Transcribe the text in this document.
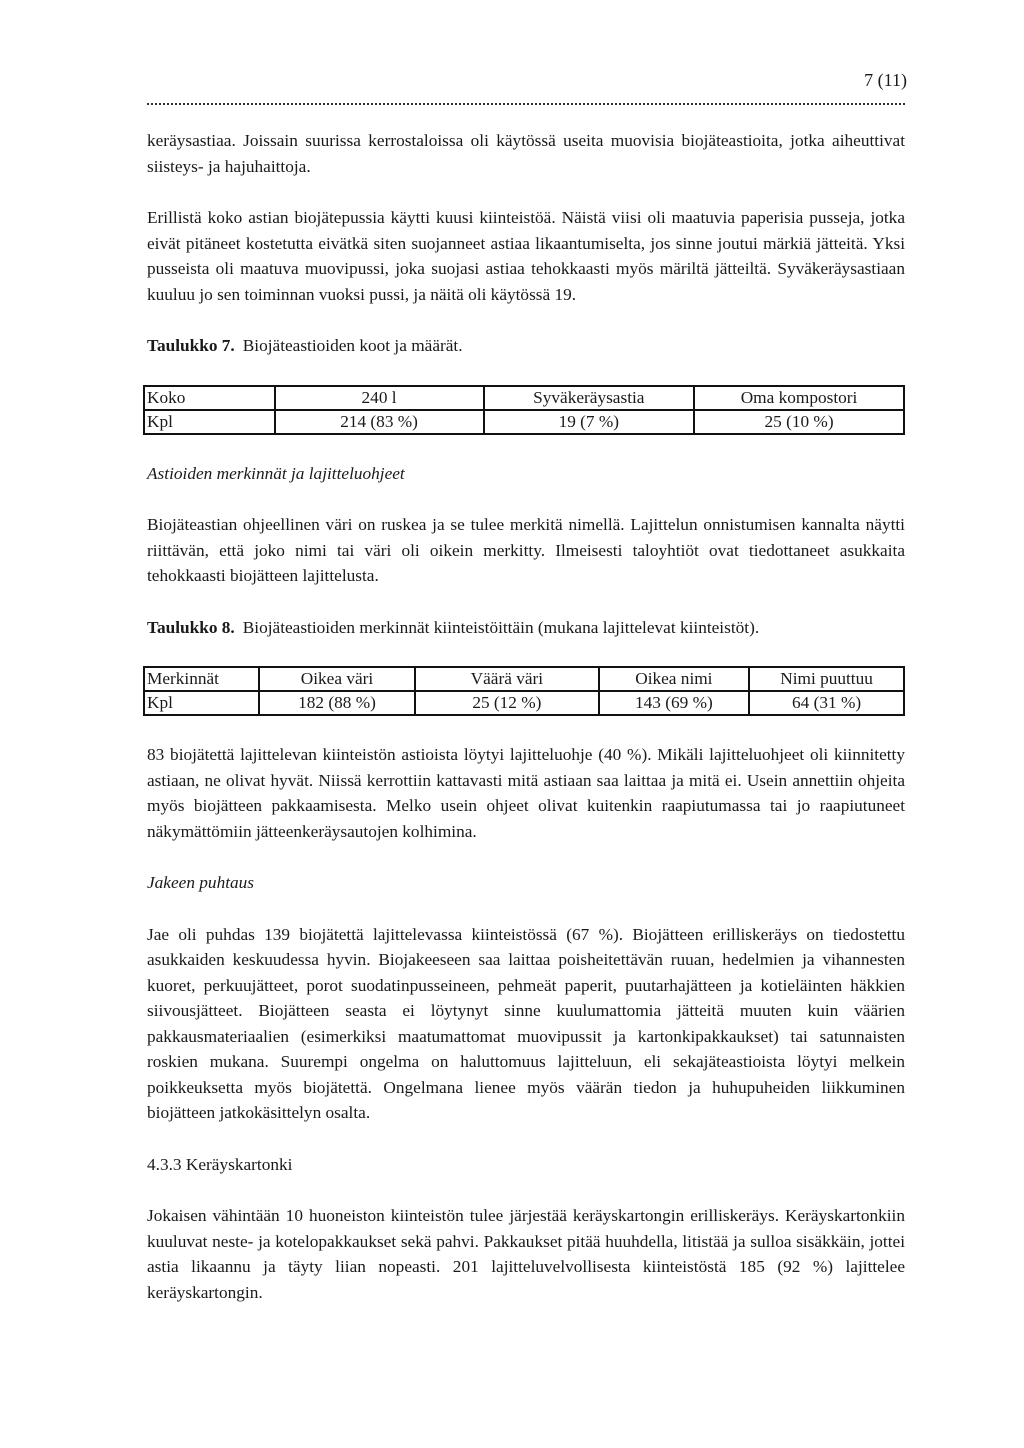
7 (11)

keräysastiaa. Joissain suurissa kerrostaloissa oli käytössä useita muovisia biojäteastioita, jotka aiheuttivat siisteys- ja hajuhaittoja.

Erillistä koko astian biojätepussia käytti kuusi kiinteistöä. Näistä viisi oli maatuvia paperisia pusseja, jotka eivät pitäneet kostetutta eivätkä siten suojanneet astiaa likaantumiselta, jos sinne joutui märkiä jätteitä. Yksi pusseista oli maatuva muovipussi, joka suojasi astiaa tehokkaasti myös märiltä jätteiltä. Syväkeräysastiaan kuuluu jo sen toiminnan vuoksi pussi, ja näitä oli käytössä 19.

Taulukko 7. Biojäteastioiden koot ja määrät.

Koko	240 l	Syväkeräysastia	Oma kompostori
Kpl	214 (83 %)	19 (7 %)	25 (10 %)

Astioiden merkinnät ja lajitteluohjeet

Biojäteastian ohjeellinen väri on ruskea ja se tulee merkitä nimellä. Lajittelun onnistumisen kannalta näytti riittävän, että joko nimi tai väri oli oikein merkitty. Ilmeisesti taloyhtiöt ovat tiedottaneet asukkaita tehokkaasti biojätteen lajittelusta.

Taulukko 8. Biojäteastioiden merkinnät kiinteistöittäin (mukana lajittelevat kiinteistöt).

Merkinnät	Oikea väri	Väärä väri	Oikea nimi	Nimi puuttuu
Kpl	182 (88 %)	25 (12 %)	143 (69 %)	64 (31 %)

83 biojätettä lajittelevan kiinteistön astioista löytyi lajitteluohje (40 %). Mikäli lajitteluohjeet oli kiinnitetty astiaan, ne olivat hyvät. Niissä kerrottiin kattavasti mitä astiaan saa laittaa ja mitä ei. Usein annettiin ohjeita myös biojätteen pakkaamisesta. Melko usein ohjeet olivat kuitenkin raapiutumassa tai jo raapiutuneet näkymättömiin jätteenkeräysautojen kolhimina.

Jakeen puhtaus

Jae oli puhdas 139 biojätettä lajittelevassa kiinteistössä (67 %). Biojätteen erilliskeräys on tiedostettu asukkaiden keskuudessa hyvin. Biojakeeseen saa laittaa poisheitettävän ruuan, hedelmien ja vihannesten kuoret, perkuujätteet, porot suodatinpusseineen, pehmeät paperit, puutarhajätteen ja kotieläinten häkkien siivousjätteet. Biojätteen seasta ei löytynyt sinne kuulumattomia jätteitä muuten kuin väärien pakkausmateriaalien (esimerkiksi maatumattomat muovipussit ja kartonkipakkaukset) tai satunnaisten roskien mukana. Suurempi ongelma on haluttomuus lajitteluun, eli sekajäteastioista löytyi melkein poikkeuksetta myös biojätettä. Ongelmana lienee myös väärän tiedon ja huhupuheiden liikkuminen biojätteen jatkokäsittelyn osalta.

4.3.3 Keräyskartonki

Jokaisen vähintään 10 huoneiston kiinteistön tulee järjestää keräyskartongin erilliskeräys. Keräyskartonkiin kuuluvat neste- ja kotelopakkaukset sekä pahvi. Pakkaukset pitää huuhdella, litistää ja sulloa sisäkkäin, jottei astia likaannu ja täyty liian nopeasti. 201 lajitteluvelvollisesta kiinteistöstä 185 (92 %) lajittelee keräyskartongin.
